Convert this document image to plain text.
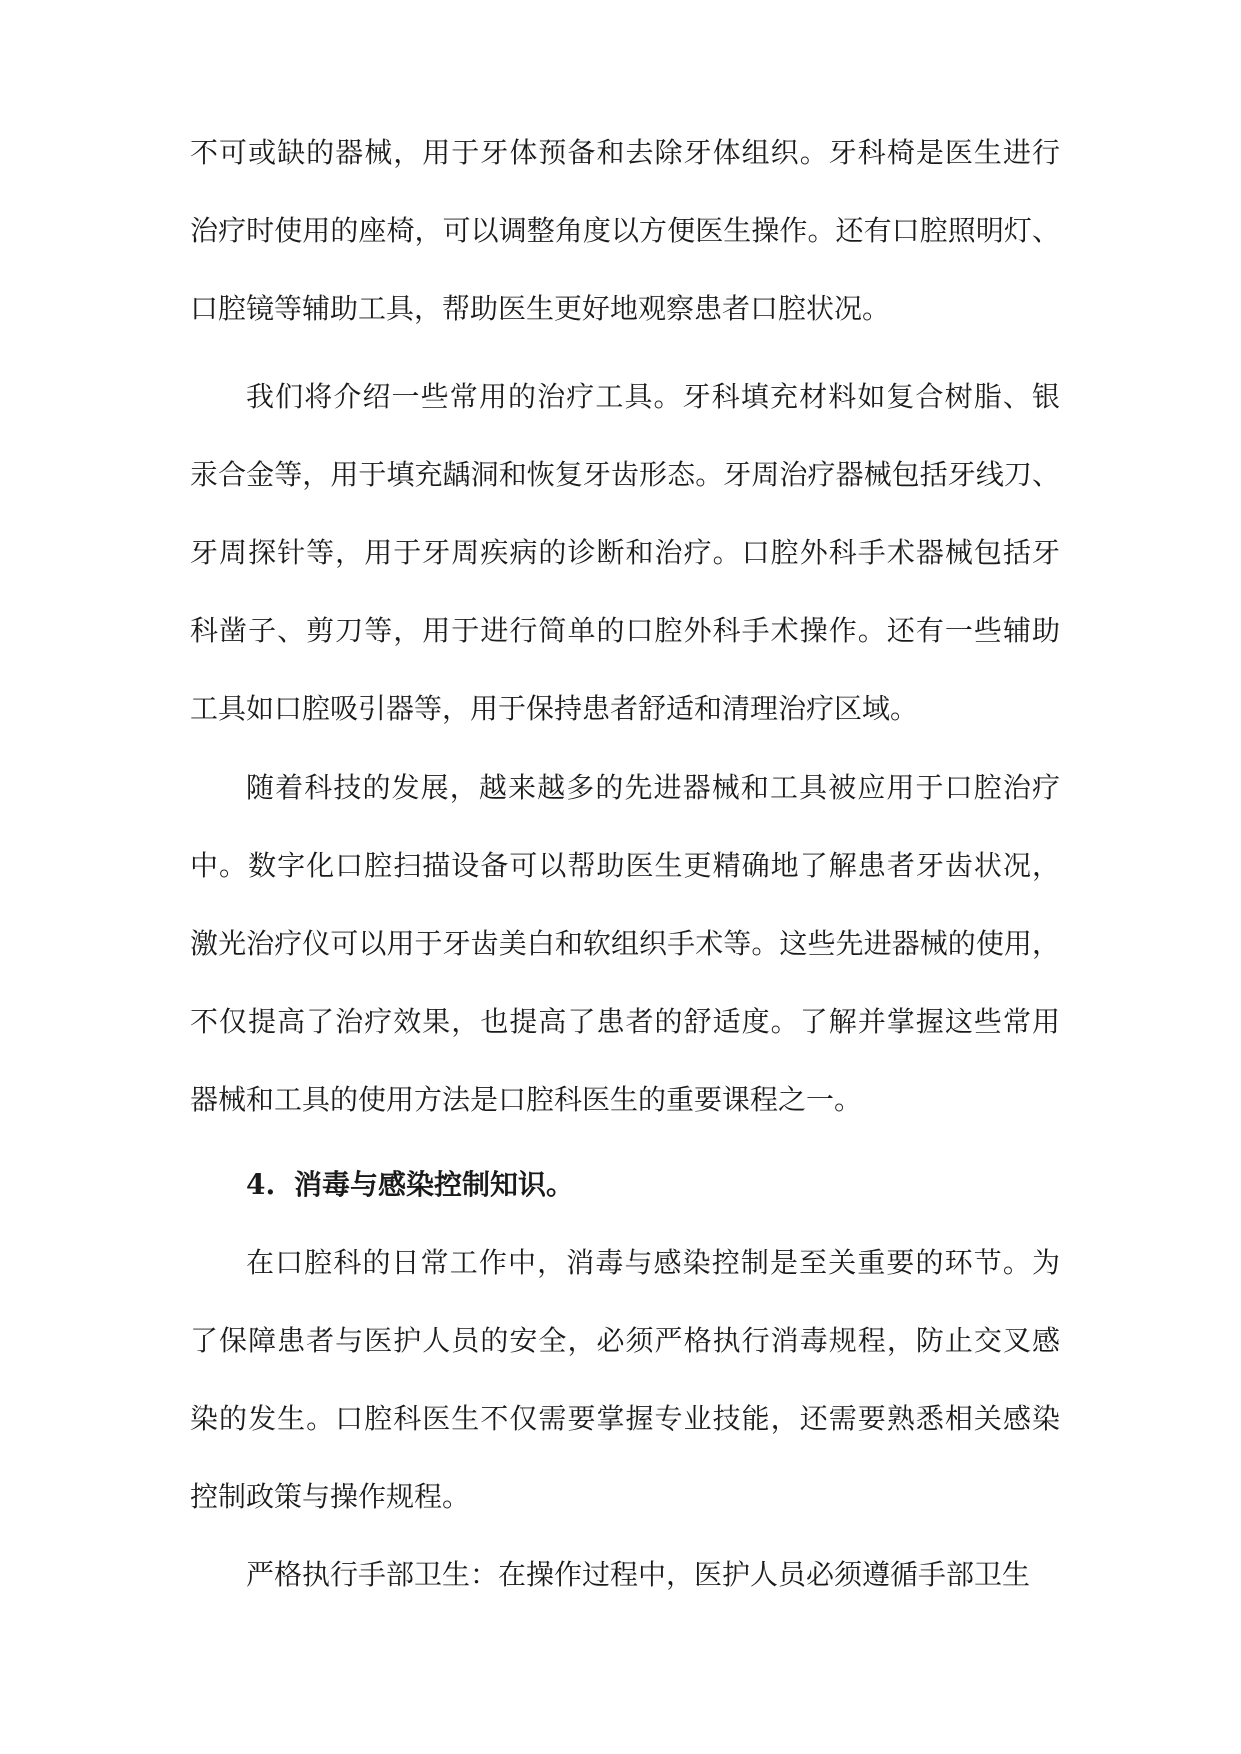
不可或缺的器械，用于牙体预备和去除牙体组织。牙科椅是医生进行
治疗时使用的座椅，可以调整角度以方便医生操作。还有口腔照明灯、
口腔镜等辅助工具，帮助医生更好地观察患者口腔状况。
我们将介绍一些常用的治疗工具。牙科填充材料如复合树脂、银
汞合金等，用于填充龋洞和恢复牙齿形态。牙周治疗器械包括牙线刀、
牙周探针等，用于牙周疾病的诊断和治疗。口腔外科手术器械包括牙
科凿子、剪刀等，用于进行简单的口腔外科手术操作。还有一些辅助
工具如口腔吸引器等，用于保持患者舒适和清理治疗区域。
随着科技的发展，越来越多的先进器械和工具被应用于口腔治疗
中。数字化口腔扫描设备可以帮助医生更精确地了解患者牙齿状况，
激光治疗仪可以用于牙齿美白和软组织手术等。这些先进器械的使用，
不仅提高了治疗效果，也提高了患者的舒适度。了解并掌握这些常用
器械和工具的使用方法是口腔科医生的重要课程之一。
4. 消毒与感染控制知识。
在口腔科的日常工作中，消毒与感染控制是至关重要的环节。为
了保障患者与医护人员的安全，必须严格执行消毒规程，防止交叉感
染的发生。口腔科医生不仅需要掌握专业技能，还需要熟悉相关感染
控制政策与操作规程。
严格执行手部卫生：在操作过程中，医护人员必须遵循手部卫生
